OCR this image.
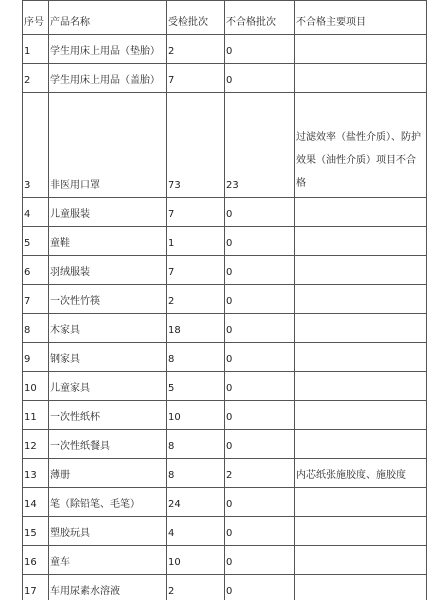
序号	产品名称	受检批次	不合格批次	不合格主要项目
1	学生用床上用品（垫胎）	2	0	
2	学生用床上用品（盖胎）	7	0	
3	非医用口罩	73	23	过滤效率（盐性介质）、防护效果（油性介质）项目不合格
4	儿童服装	7	0	
5	童鞋	1	0	
6	羽绒服装	7	0	
7	一次性竹筷	2	0	
8	木家具	18	0	
9	钢家具	8	0	
10	儿童家具	5	0	
11	一次性纸杯	10	0	
12	一次性纸餐具	8	0	
13	薄册	8	2	内芯纸张施胶度、施胶度
14	笔（除铅笔、毛笔）	24	0	
15	塑胶玩具	4	0	
16	童车	10	0	
17	车用尿素水溶液	2	0	
